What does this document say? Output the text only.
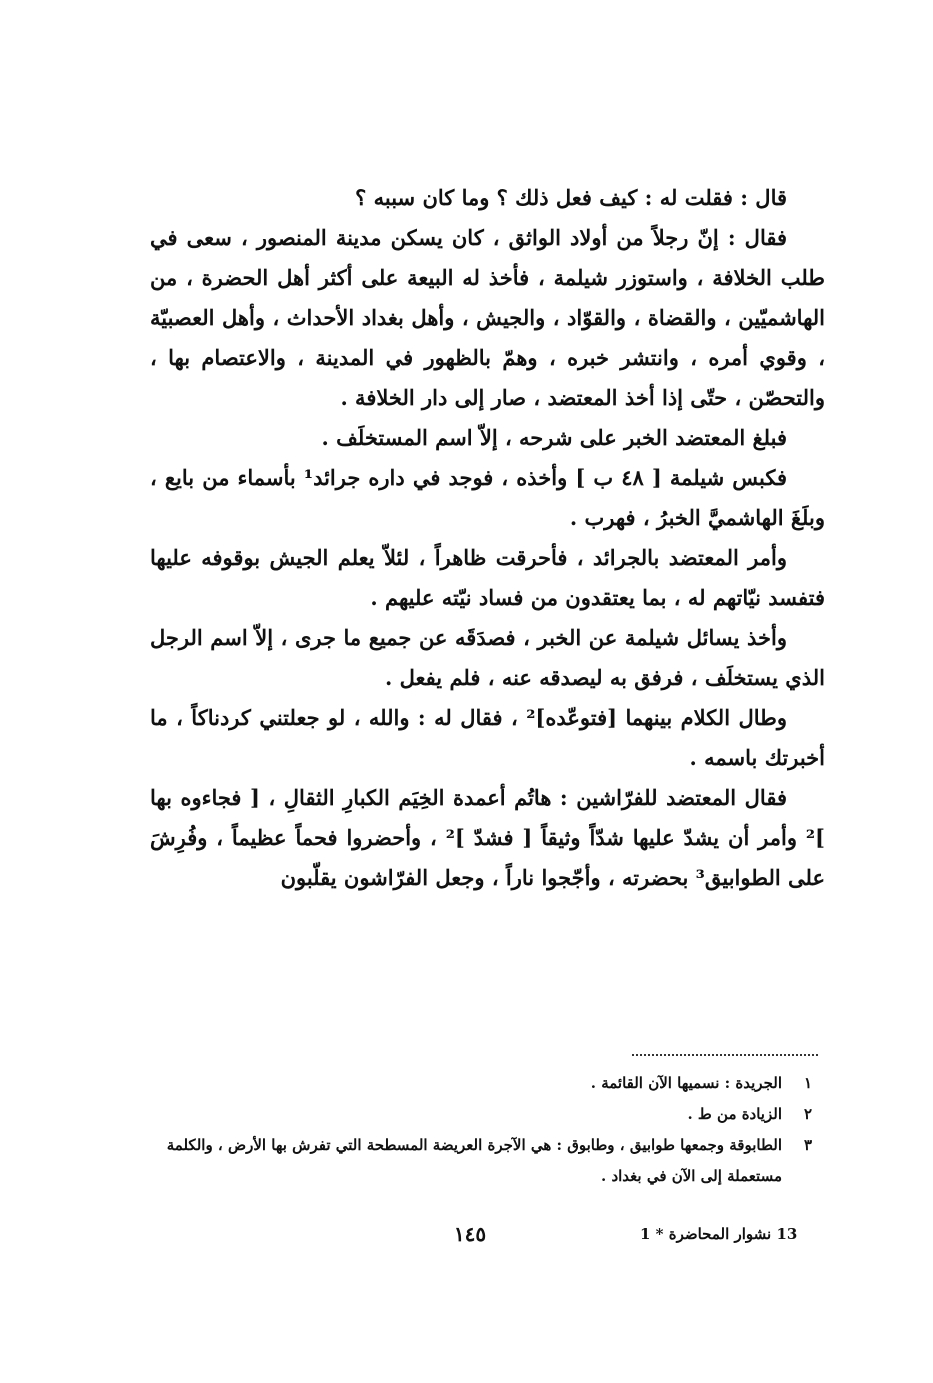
قال : فقلت له : كيف فعل ذلك ؟ وما كان سببه ؟

فقال : إنّ رجلاً من أولاد الواثق ، كان يسكن مدينة المنصور ، سعى في طلب الخلافة ، واستوزر شيلمة ، فأخذ له البيعة على أكثر أهل الحضرة ، من الهاشميّين ، والقضاة ، والقوّاد ، والجيش ، وأهل بغداد الأحداث ، وأهل العصبيّة ، وقوي أمره ، وانتشر خبره ، وهمّ بالظهور في المدينة ، والاعتصام بها ، والتحصّن ، حتّى إذا أخذ المعتضد ، صار إلى دار الخلافة .

فبلغ المعتضد الخبر على شرحه ، إلاّ اسم المستخلَف .

فكبس شيلمة [ ٤٨ ب ] وأخذه ، فوجد في داره جرائد¹ بأسماء من بايع ، وبلَغَ الهاشميَّ الخبرُ ، فهرب .

وأمر المعتضد بالجرائد ، فأحرقت ظاهراً ، لئلاّ يعلم الجيش بوقوفه عليها فتفسد نيّاتهم له ، بما يعتقدون من فساد نيّته عليهم .

وأخذ يسائل شيلمة عن الخبر ، فصدَقَه عن جميع ما جرى ، إلاّ اسم الرجل الذي يستخلَف ، فرفق به ليصدقه عنه ، فلم يفعل .

وطال الكلام بينهما [فتوعّده]² ، فقال له : والله ، لو جعلتني كردناكاً ، ما أخبرتك باسمه .

فقال المعتضد للفرّاشين : هاتُم أعمدة الخِيَم الكبارِ الثقالِ ، [ فجاءوه بها ]² وأمر أن يشدّ عليها شدّاً وثيقاً [ فشدّ ]² ، وأحضروا فحماً عظيماً ، وفُرِشَ على الطوابيق³ بحضرته ، وأجّجوا ناراً ، وجعل الفرّاشون يقلّبون

١
الجريدة : نسميها الآن القائمة .
٢
الزيادة من ط .
٣
الطابوقة وجمعها طوابيق ، وطابوق : هي الآجرة العريضة المسطحة التي تفرش بها الأرض ، والكلمة مستعملة إلى الآن في بغداد .
١٤٥	13 نشوار المحاضرة * 1
